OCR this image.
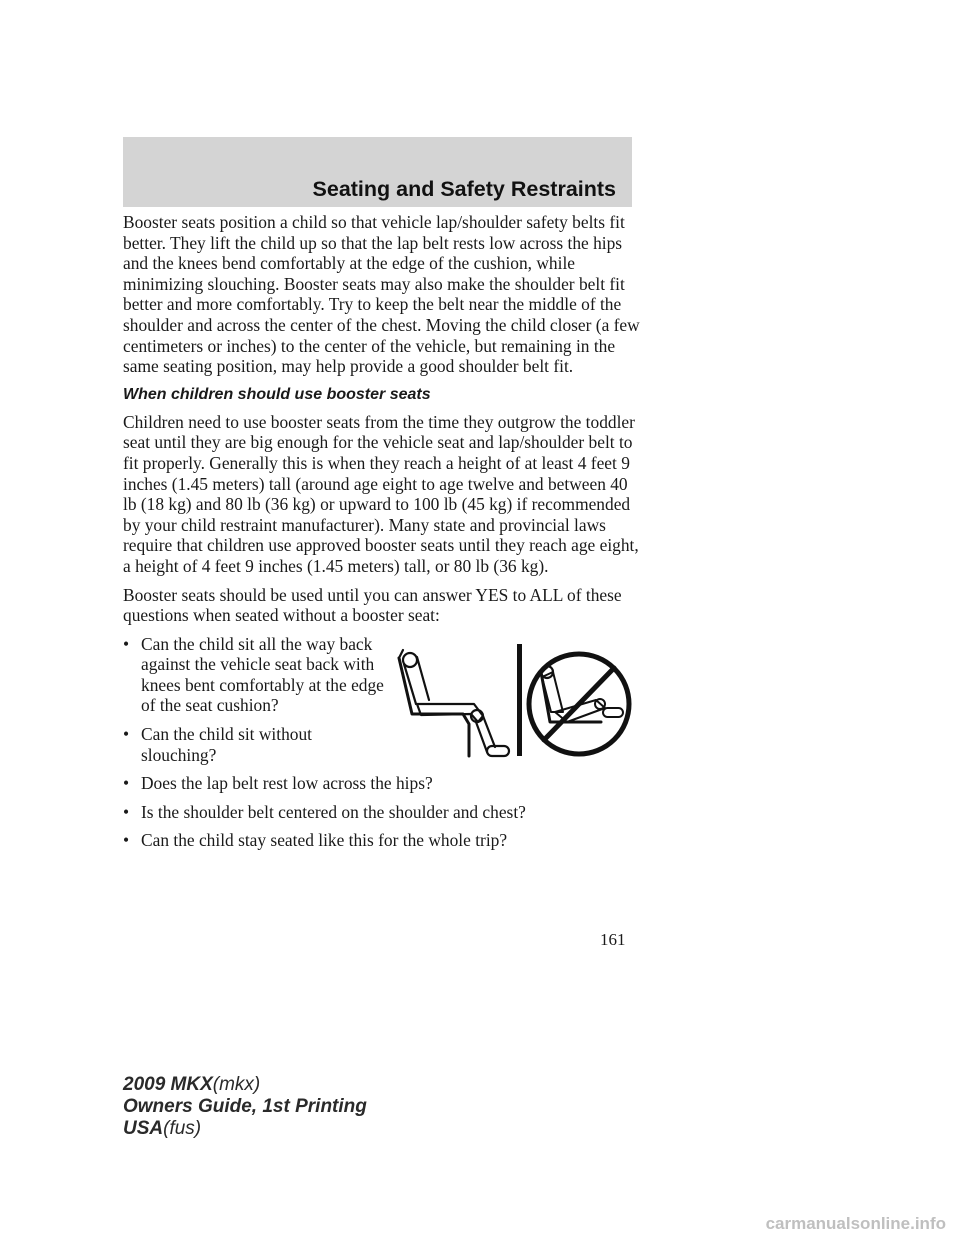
Seating and Safety Restraints

Booster seats position a child so that vehicle lap/shoulder safety belts fit better. They lift the child up so that the lap belt rests low across the hips and the knees bend comfortably at the edge of the cushion, while minimizing slouching. Booster seats may also make the shoulder belt fit better and more comfortably. Try to keep the belt near the middle of the shoulder and across the center of the chest. Moving the child closer (a few centimeters or inches) to the center of the vehicle, but remaining in the same seating position, may help provide a good shoulder belt fit.

When children should use booster seats

Children need to use booster seats from the time they outgrow the toddler seat until they are big enough for the vehicle seat and lap/shoulder belt to fit properly. Generally this is when they reach a height of at least 4 feet 9 inches (1.45 meters) tall (around age eight to age twelve and between 40 lb (18 kg) and 80 lb (36 kg) or upward to 100 lb (45 kg) if recommended by your child restraint manufacturer). Many state and provincial laws require that children use approved booster seats until they reach age eight, a height of 4 feet 9 inches (1.45 meters) tall, or 80 lb (36 kg).

Booster seats should be used until you can answer YES to ALL of these questions when seated without a booster seat:

• Can the child sit all the way back against the vehicle seat back with knees bent comfortably at the edge of the seat cushion?
• Can the child sit without slouching?
• Does the lap belt rest low across the hips?
• Is the shoulder belt centered on the shoulder and chest?
• Can the child stay seated like this for the whole trip?
161
2009 MKX(mkx)
Owners Guide, 1st Printing
USA(fus)
carmanualsonline.info
